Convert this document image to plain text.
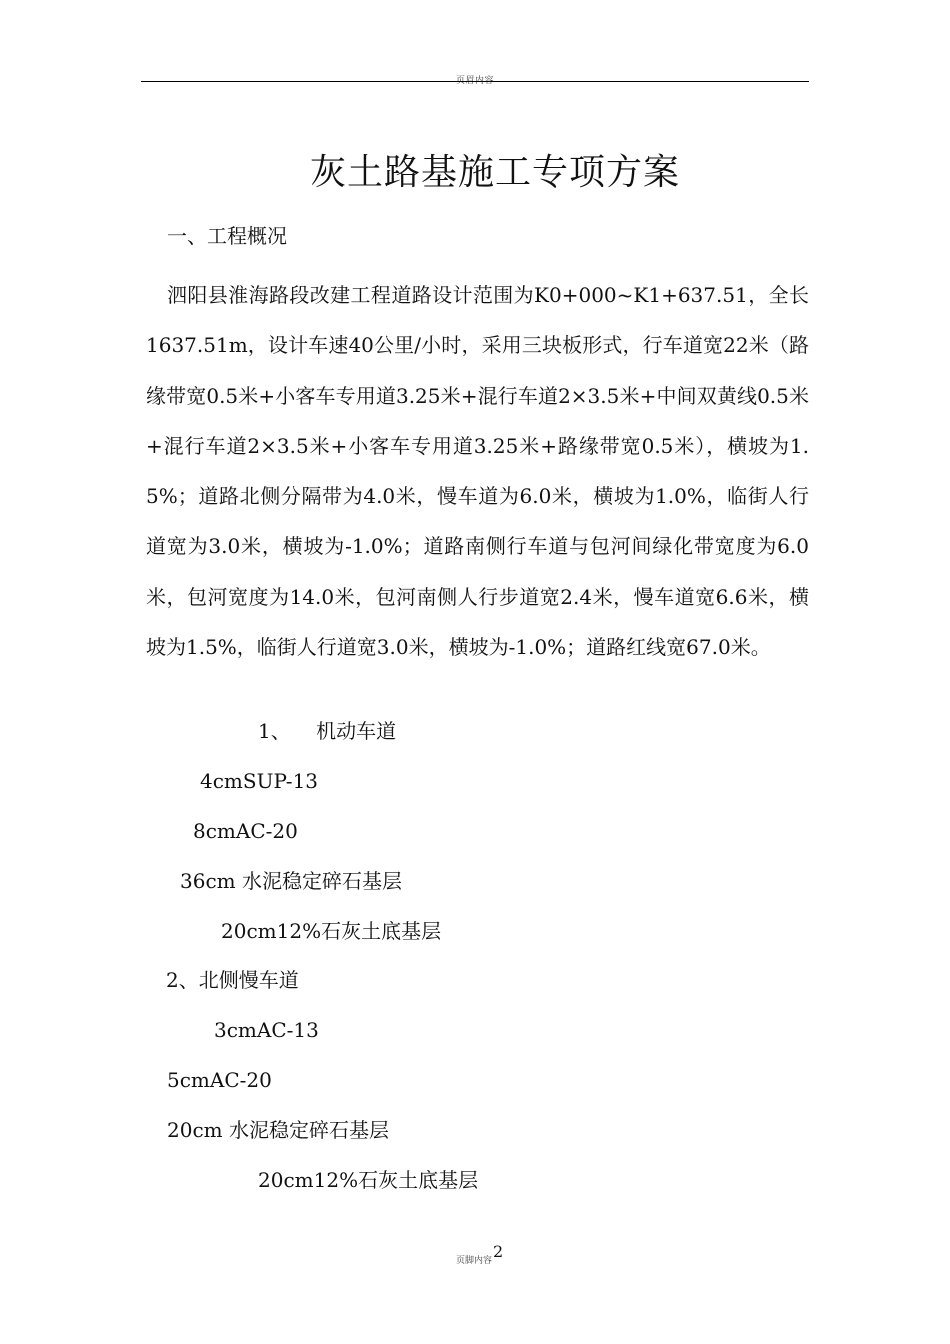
页眉内容
灰土路基施工专项方案
一、工程概况
泗阳县淮海路段改建工程道路设计范围为K0+000~K1+637.51，全长1637.51m，设计车速40公里/小时，采用三块板形式，行车道宽22米（路缘带宽0.5米+小客车专用道3.25米+混行车道2×3.5米+中间双黄线0.5米+混行车道2×3.5米+小客车专用道3.25米+路缘带宽0.5米），横坡为1.5%；道路北侧分隔带为4.0米，慢车道为6.0米，横坡为1.0%，临街人行道宽为3.0米，横坡为-1.0%；道路南侧行车道与包河间绿化带宽度为6.0米，包河宽度为14.0米，包河南侧人行步道宽2.4米，慢车道宽6.6米，横坡为1.5%，临街人行道宽3.0米，横坡为-1.0%；道路红线宽67.0米。
1、    机动车道
4cmSUP-13
8cmAC-20
36cm 水泥稳定碎石基层
20cm12%石灰土底基层
2、北侧慢车道
3cmAC-13
5cmAC-20
20cm 水泥稳定碎石基层
20cm12%石灰土底基层
页脚内容2
